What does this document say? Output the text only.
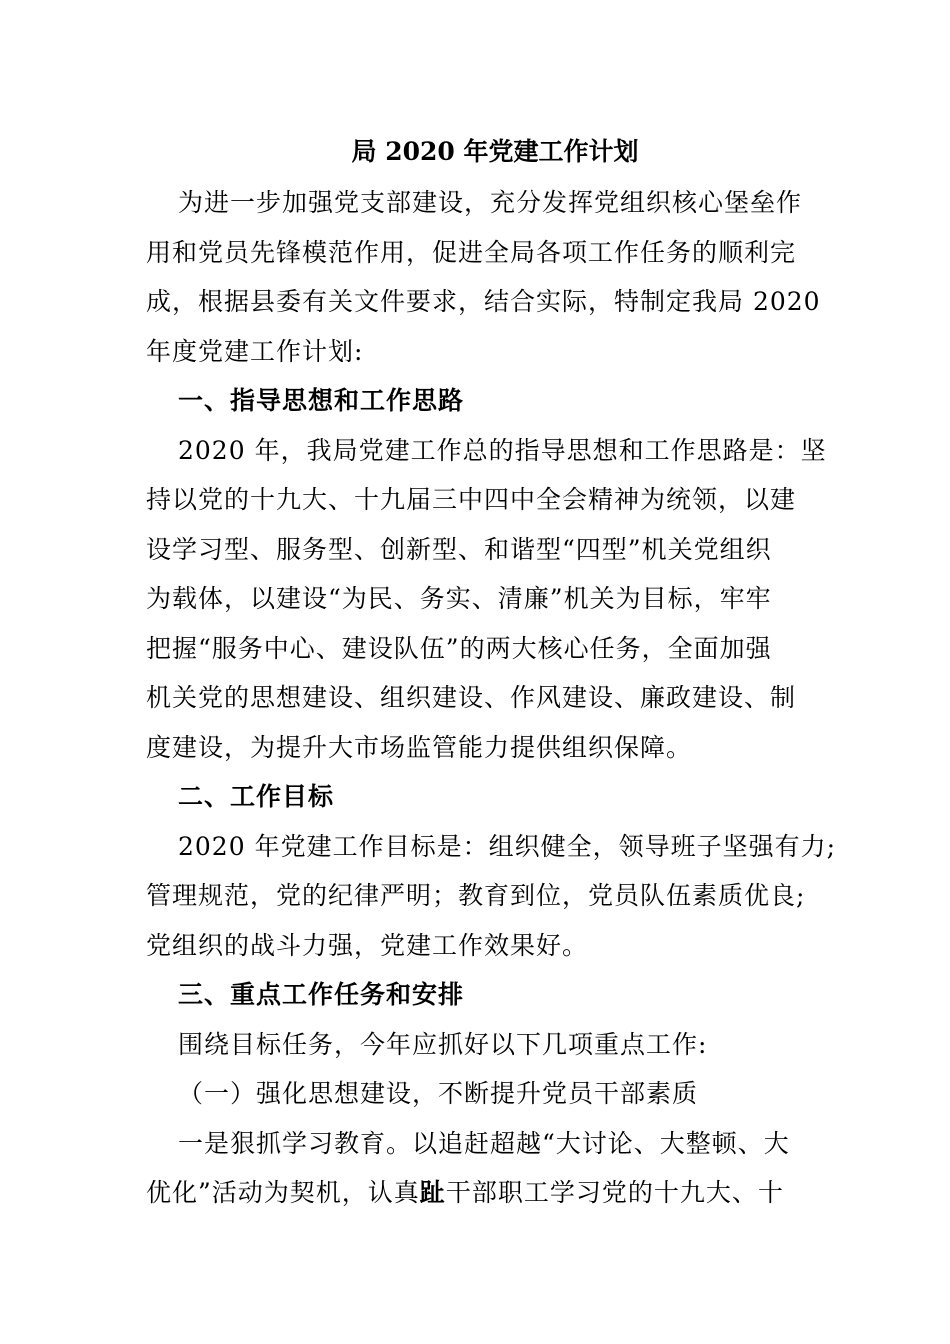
局 2020 年党建工作计划
为进一步加强党支部建设，充分发挥党组织核心堡垒作
用和党员先锋模范作用，促进全局各项工作任务的顺利完
成，根据县委有关文件要求，结合实际，特制定我局 2020
年度党建工作计划:
一、指导思想和工作思路
2020 年，我局党建工作总的指导思想和工作思路是：坚
持以党的十九大、十九届三中四中全会精神为统领，以建
设学习型、服务型、创新型、和谐型“四型”机关党组织
为载体，以建设“为民、务实、清廉”机关为目标，牢牢
把握“服务中心、建设队伍”的两大核心任务，全面加强
机关党的思想建设、组织建设、作风建设、廉政建设、制
度建设，为提升大市场监管能力提供组织保障。
二、工作目标
2020 年党建工作目标是：组织健全，领导班子坚强有力;
管理规范，党的纪律严明；教育到位，党员队伍素质优良;
党组织的战斗力强，党建工作效果好。
三、重点工作任务和安排
围绕目标任务，今年应抓好以下几项重点工作:
（一）强化思想建设，不断提升党员干部素质
一是狠抓学习教育。以追赶超越“大讨论、大整顿、大
优化”活动为契机，认真趾干部职工学习党的十九大、十
